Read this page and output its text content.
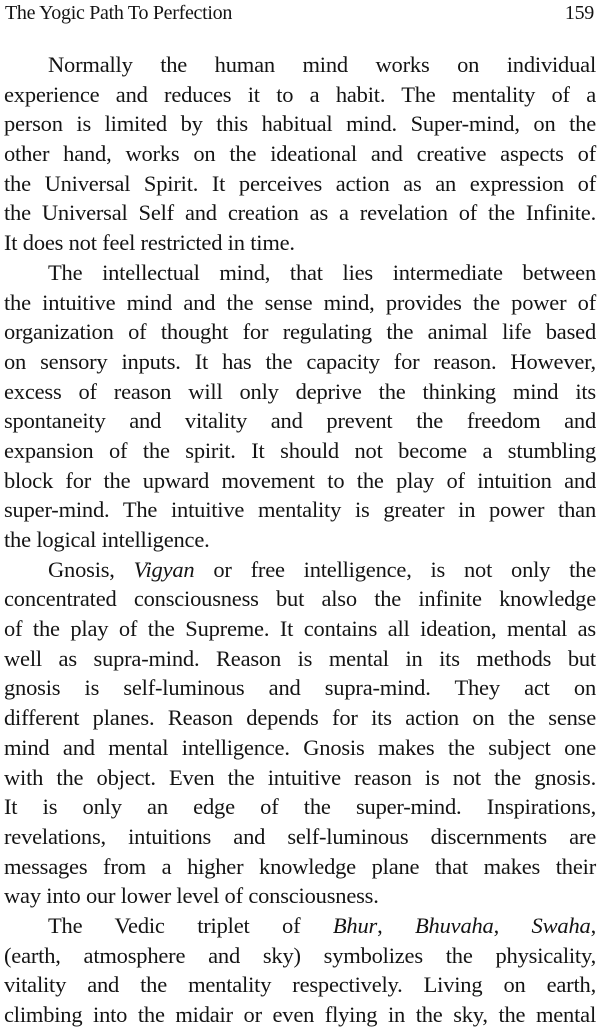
The Yogic Path To Perfection	159
Normally the human mind works on individual
experience and reduces it to a habit. The mentality of a
person is limited by this habitual mind. Super-mind, on the
other hand, works on the ideational and creative aspects of
the Universal Spirit. It perceives action as an expression of
the Universal Self and creation as a revelation of the Infinite.
It does not feel restricted in time.
The intellectual mind, that lies intermediate between
the intuitive mind and the sense mind, provides the power of
organization of thought for regulating the animal life based
on sensory inputs. It has the capacity for reason. However,
excess of reason will only deprive the thinking mind its
spontaneity and vitality and prevent the freedom and
expansion of the spirit. It should not become a stumbling
block for the upward movement to the play of intuition and
super-mind. The intuitive mentality is greater in power than
the logical intelligence.
Gnosis, Vigyan or free intelligence, is not only the
concentrated consciousness but also the infinite knowledge
of the play of the Supreme. It contains all ideation, mental as
well as supra-mind. Reason is mental in its methods but
gnosis is self-luminous and supra-mind. They act on
different planes. Reason depends for its action on the sense
mind and mental intelligence. Gnosis makes the subject one
with the object. Even the intuitive reason is not the gnosis.
It is only an edge of the super-mind. Inspirations,
revelations, intuitions and self-luminous discernments are
messages from a higher knowledge plane that makes their
way into our lower level of consciousness.
The Vedic triplet of Bhur, Bhuvaha, Swaha,
(earth, atmosphere and sky) symbolizes the physicality,
vitality and the mentality respectively. Living on earth,
climbing into the midair or even flying in the sky, the mental
